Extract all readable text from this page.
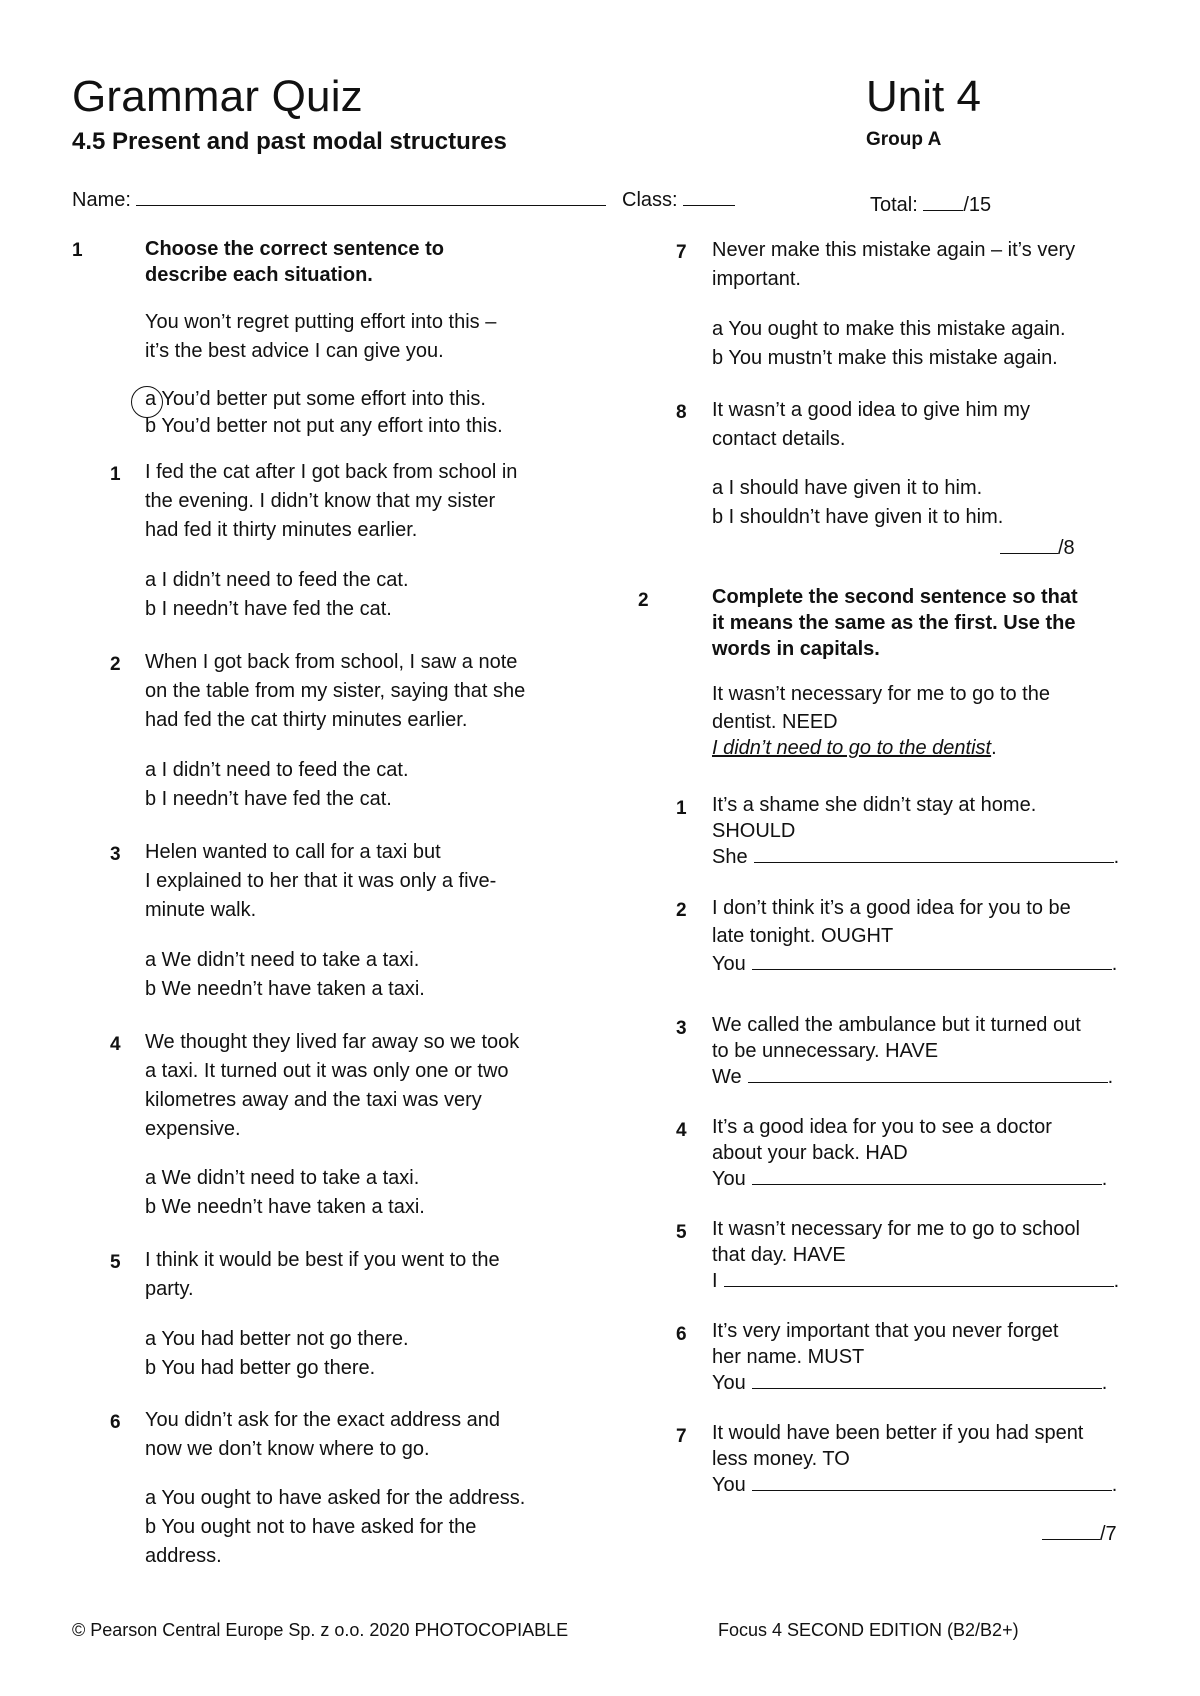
Grammar Quiz
4.5 Present and past modal structures
Unit 4
Group A
Name:	Class:	Total: /15
1	Choose the correct sentence to
describe each situation.
You won’t regret putting effort into this –
it’s the best advice I can give you.
a You’d better put some effort into this.
b You’d better not put any effort into this.
1 I fed the cat after I got back from school in
the evening. I didn’t know that my sister
had fed it thirty minutes earlier.
a I didn’t need to feed the cat.
b I needn’t have fed the cat.
2 When I got back from school, I saw a note
on the table from my sister, saying that she
had fed the cat thirty minutes earlier.
a I didn’t need to feed the cat.
b I needn’t have fed the cat.
3 Helen wanted to call for a taxi but
I explained to her that it was only a five-
minute walk.
a We didn’t need to take a taxi.
b We needn’t have taken a taxi.
4 We thought they lived far away so we took
a taxi. It turned out it was only one or two
kilometres away and the taxi was very
expensive.
a We didn’t need to take a taxi.
b We needn’t have taken a taxi.
5 I think it would be best if you went to the
party.
a You had better not go there.
b You had better go there.
6 You didn’t ask for the exact address and
now we don’t know where to go.
a You ought to have asked for the address.
b You ought not to have asked for the
address.
7 Never make this mistake again – it’s very
important.
a You ought to make this mistake again.
b You mustn’t make this mistake again.
8 It wasn’t a good idea to give him my
contact details.
a I should have given it to him.
b I shouldn’t have given it to him.
/8
2	Complete the second sentence so that
it means the same as the first. Use the
words in capitals.
It wasn’t necessary for me to go to the
dentist. NEED
I didn’t need to go to the dentist.
1 It’s a shame she didn’t stay at home.
SHOULD
She	.
2 I don’t think it’s a good idea for you to be
late tonight. OUGHT
You	.
3 We called the ambulance but it turned out
to be unnecessary. HAVE
We	.
4 It’s a good idea for you to see a doctor
about your back. HAD
You	.
5 It wasn’t necessary for me to go to school
that day. HAVE
I	.
6 It’s very important that you never forget
her name. MUST
You	.
7 It would have been better if you had spent
less money. TO
You	.
/7
© Pearson Central Europe Sp. z o.o. 2020 PHOTOCOPIABLE	Focus 4 SECOND EDITION (B2/B2+)
